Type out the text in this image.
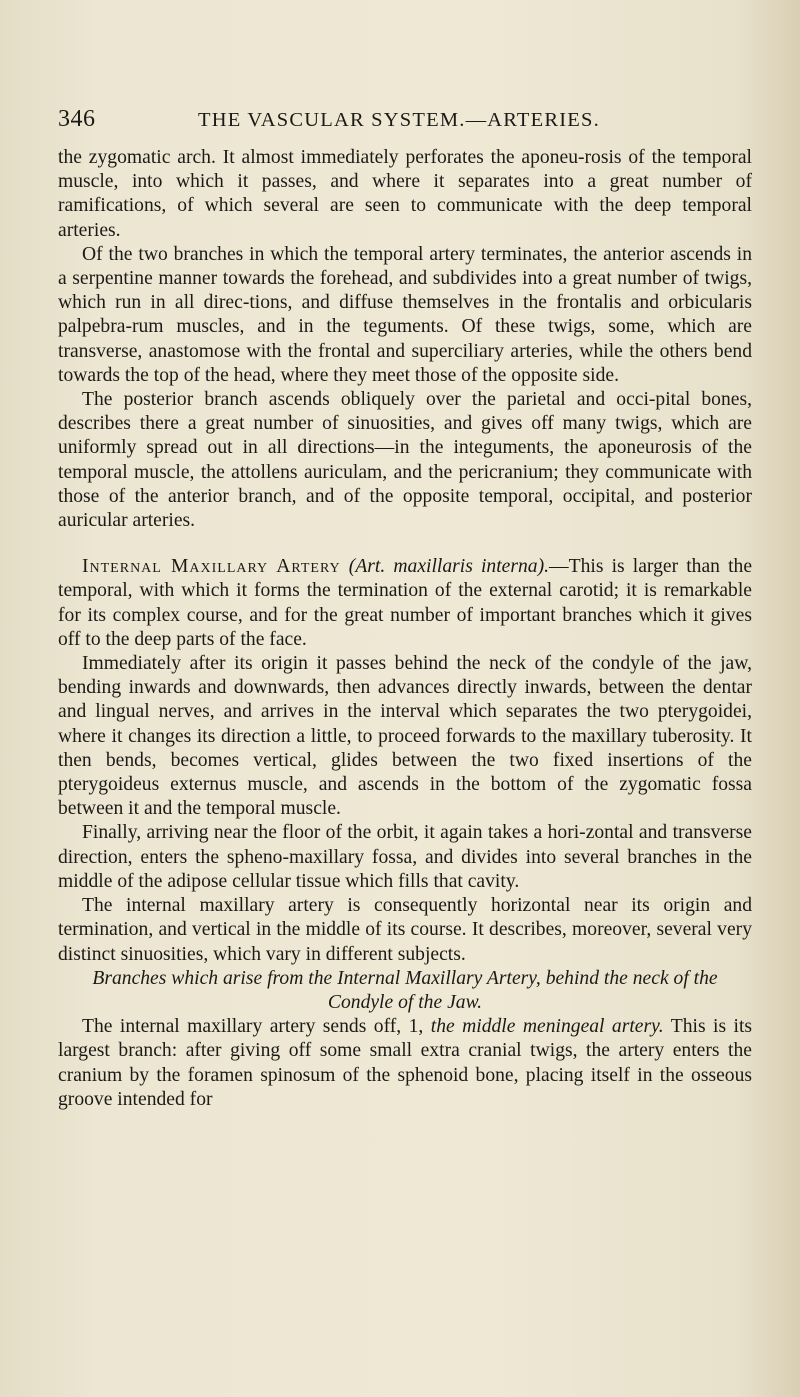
346	THE VASCULAR SYSTEM.—ARTERIES.

the zygomatic arch. It almost immediately perforates the aponeu-rosis of the temporal muscle, into which it passes, and where it separates into a great number of ramifications, of which several are seen to communicate with the deep temporal arteries.

Of the two branches in which the temporal artery terminates, the anterior ascends in a serpentine manner towards the forehead, and subdivides into a great number of twigs, which run in all direc-tions, and diffuse themselves in the frontalis and orbicularis palpebra-rum muscles, and in the teguments. Of these twigs, some, which are transverse, anastomose with the frontal and superciliary arteries, while the others bend towards the top of the head, where they meet those of the opposite side.

The posterior branch ascends obliquely over the parietal and occi-pital bones, describes there a great number of sinuosities, and gives off many twigs, which are uniformly spread out in all directions—in the integuments, the aponeurosis of the temporal muscle, the attollens auriculam, and the pericranium; they communicate with those of the anterior branch, and of the opposite temporal, occipital, and posterior auricular arteries.

Internal Maxillary Artery (Art. maxillaris interna).—This is larger than the temporal, with which it forms the termination of the external carotid; it is remarkable for its complex course, and for the great number of important branches which it gives off to the deep parts of the face.

Immediately after its origin it passes behind the neck of the condyle of the jaw, bending inwards and downwards, then advances directly inwards, between the dentar and lingual nerves, and arrives in the interval which separates the two pterygoidei, where it changes its direction a little, to proceed forwards to the maxillary tuberosity. It then bends, becomes vertical, glides between the two fixed insertions of the pterygoideus externus muscle, and ascends in the bottom of the zygomatic fossa between it and the temporal muscle.

Finally, arriving near the floor of the orbit, it again takes a hori-zontal and transverse direction, enters the spheno-maxillary fossa, and divides into several branches in the middle of the adipose cellular tissue which fills that cavity.

The internal maxillary artery is consequently horizontal near its origin and termination, and vertical in the middle of its course. It describes, moreover, several very distinct sinuosities, which vary in different subjects.

Branches which arise from the Internal Maxillary Artery, behind the neck of the Condyle of the Jaw.

The internal maxillary artery sends off, 1, the middle meningeal artery. This is its largest branch: after giving off some small extra cranial twigs, the artery enters the cranium by the foramen spinosum of the sphenoid bone, placing itself in the osseous groove intended for
